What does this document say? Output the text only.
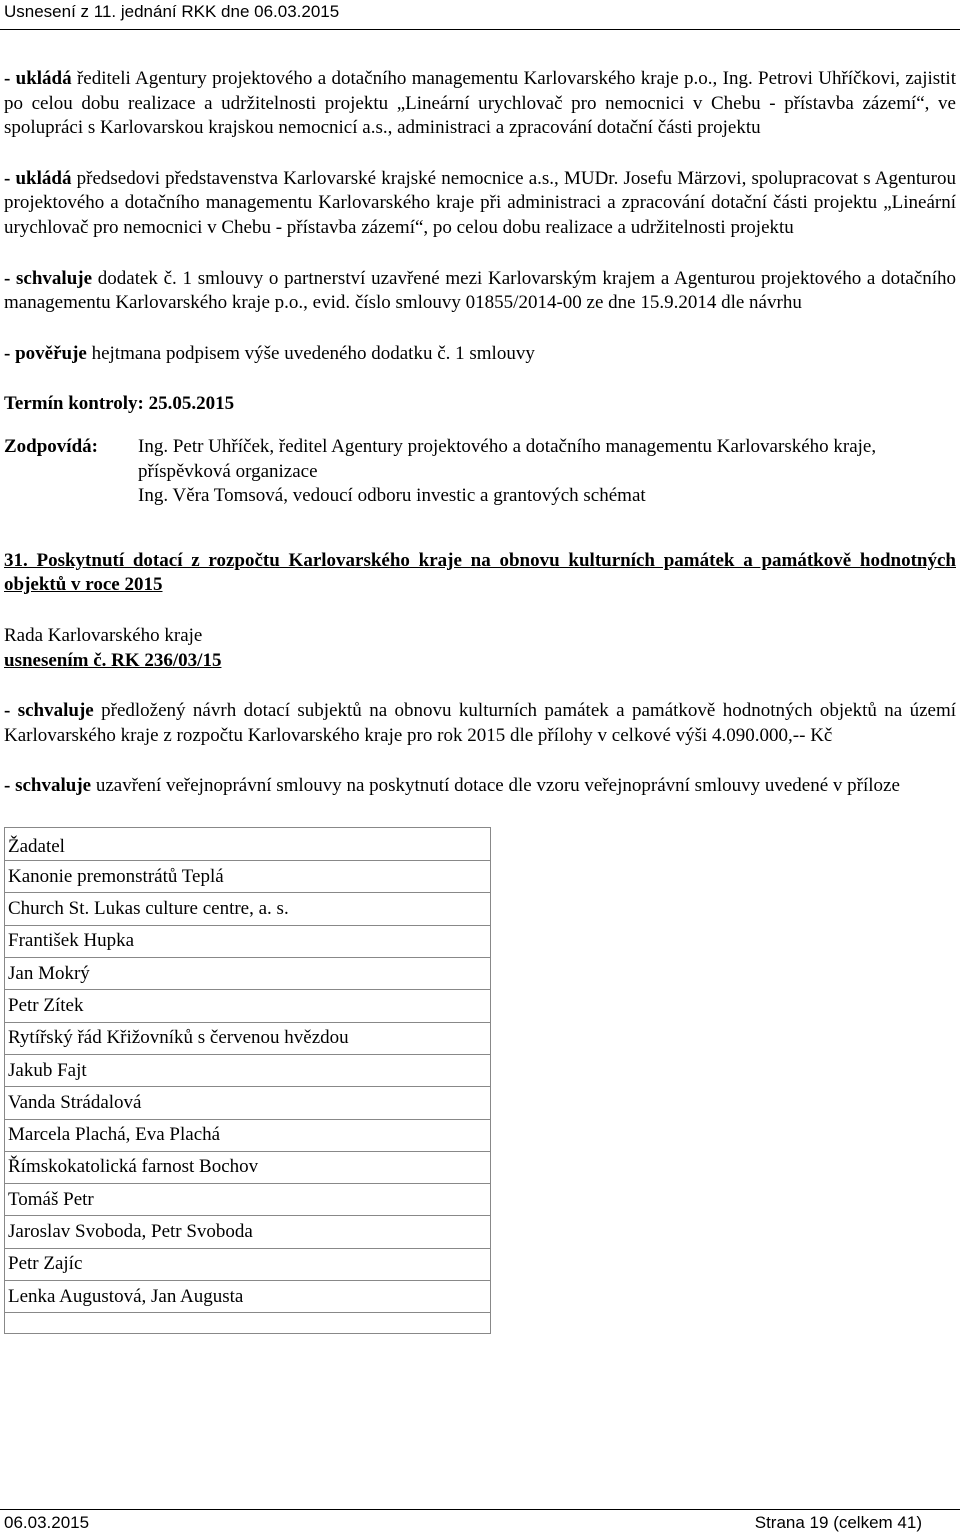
Usnesení z 11. jednání RKK dne 06.03.2015

- ukládá řediteli Agentury projektového a dotačního managementu Karlovarského kraje p.o., Ing. Petrovi Uhříčkovi, zajistit po celou dobu realizace a udržitelnosti projektu „Lineární urychlovač pro nemocnici v Chebu - přístavba zázemí“, ve spolupráci s Karlovarskou krajskou nemocnicí a.s., administraci a zpracování dotační části projektu

- ukládá předsedovi představenstva Karlovarské krajské nemocnice a.s., MUDr. Josefu Märzovi, spolupracovat s Agenturou projektového a dotačního managementu Karlovarského kraje při administraci a zpracování dotační části projektu „Lineární urychlovač pro nemocnici v Chebu - přístavba zázemí“, po celou dobu realizace a udržitelnosti projektu

- schvaluje dodatek č. 1 smlouvy o partnerství uzavřené mezi Karlovarským krajem a Agenturou projektového a dotačního managementu Karlovarského kraje p.o., evid. číslo smlouvy 01855/2014-00 ze dne 15.9.2014 dle návrhu

- pověřuje hejtmana podpisem výše uvedeného dodatku č. 1 smlouvy

Termín kontroly: 25.05.2015

Zodpovídá:	Ing. Petr Uhříček, ředitel Agentury projektového a dotačního managementu Karlovarského kraje, příspěvková organizace
Ing. Věra Tomsová, vedoucí odboru investic a grantových schémat

31. Poskytnutí dotací z rozpočtu Karlovarského kraje na obnovu kulturních památek a památkově hodnotných objektů v roce 2015

Rada Karlovarského kraje

usnesením č. RK 236/03/15

- schvaluje předložený návrh dotací subjektů na obnovu kulturních památek a památkově hodnotných objektů na území Karlovarského kraje z rozpočtu Karlovarského kraje pro rok 2015 dle přílohy v celkové výši 4.090.000,-- Kč

- schvaluje uzavření veřejnoprávní smlouvy na poskytnutí dotace dle vzoru veřejnoprávní smlouvy uvedené v příloze

Žadatel
Kanonie premonstrátů Teplá
Church St. Lukas culture centre, a. s.
František Hupka
Jan Mokrý
Petr Zítek
Rytířský řád Křižovníků s červenou hvězdou
Jakub Fajt
Vanda Strádalová
Marcela Plachá, Eva Plachá
Římskokatolická farnost Bochov
Tomáš Petr
Jaroslav Svoboda, Petr Svoboda
Petr Zajíc
Lenka Augustová, Jan Augusta

06.03.2015	Strana 19 (celkem 41)
